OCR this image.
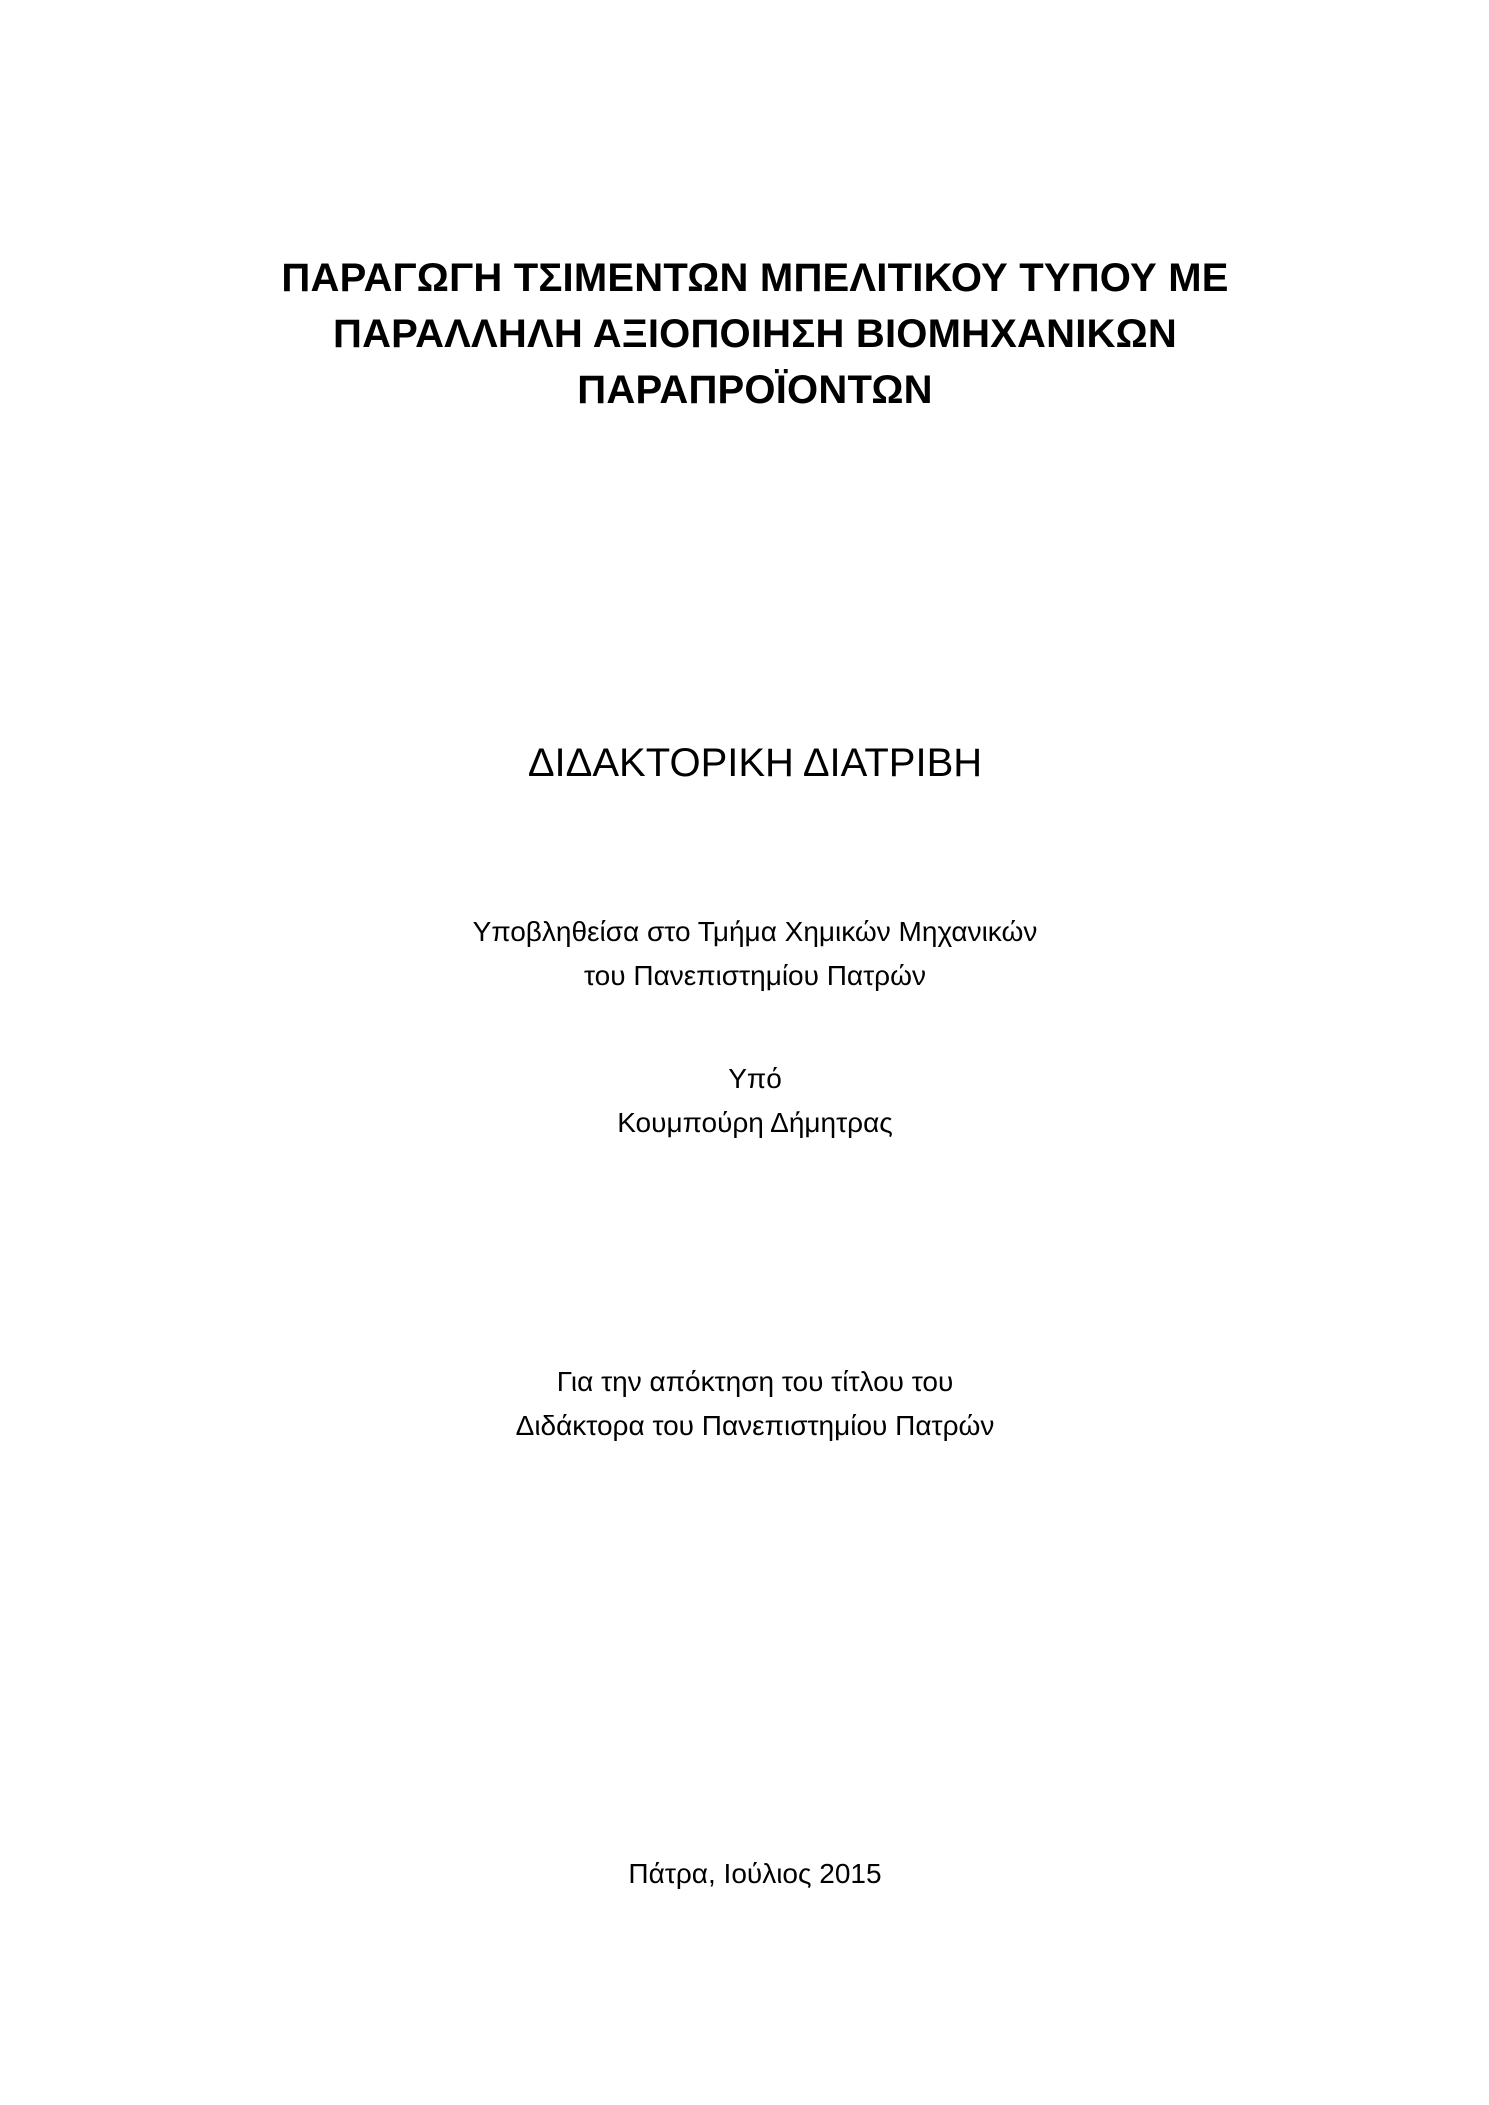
ΠΑΡΑΓΩΓΗ ΤΣΙΜΕΝΤΩΝ ΜΠΕΛΙΤΙΚΟΥ ΤΥΠΟΥ ΜΕ
ΠΑΡΑΛΛΗΛΗ ΑΞΙΟΠΟΙΗΣΗ ΒΙΟΜΗΧΑΝΙΚΩΝ
ΠΑΡΑΠΡΟΪΟΝΤΩΝ
ΔΙΔΑΚΤΟΡΙΚΗ ΔΙΑΤΡΙΒΗ
Υποβληθείσα στο Τμήμα Χημικών Μηχανικών
του Πανεπιστημίου Πατρών
Υπό
Κουμπούρη Δήμητρας
Για την απόκτηση του τίτλου του
Διδάκτορα του Πανεπιστημίου Πατρών
Πάτρα, Ιούλιος 2015
